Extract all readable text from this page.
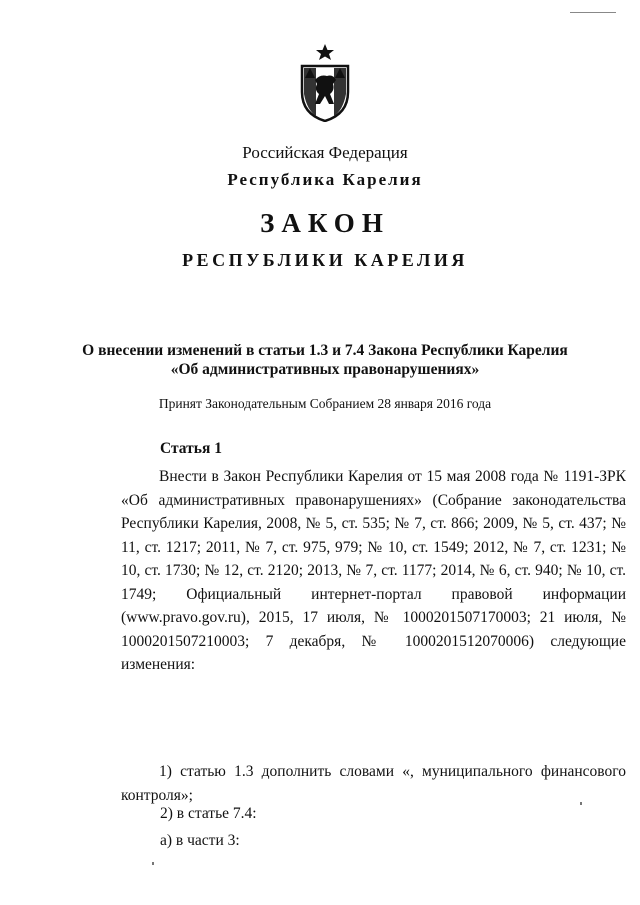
Российская Федерация
Республика Карелия
ЗАКОН
РЕСПУБЛИКИ КАРЕЛИЯ
О внесении изменений в статьи 1.3 и 7.4 Закона Республики Карелия
«Об административных правонарушениях»
Принят Законодательным Собранием 28 января 2016 года
Статья 1
Внести в Закон Республики Карелия от 15 мая 2008 года № 1191-ЗРК «Об административных правонарушениях» (Собрание законодательства Республики Карелия, 2008, № 5, ст. 535; № 7, ст. 866; 2009, № 5, ст. 437; № 11, ст. 1217; 2011, № 7, ст. 975, 979; № 10, ст. 1549; 2012, № 7, ст. 1231; № 10, ст. 1730; № 12, ст. 2120; 2013, № 7, ст. 1177; 2014, № 6, ст. 940; № 10, ст. 1749; Официальный интернет-портал правовой информации (www.pravo.gov.ru), 2015, 17 июля, № 1000201507170003; 21 июля, № 1000201507210003; 7 декабря, № 1000201512070006) следующие изменения:
1) статью 1.3 дополнить словами «, муниципального финансового контроля»;
2) в статье 7.4:
а) в части 3:
